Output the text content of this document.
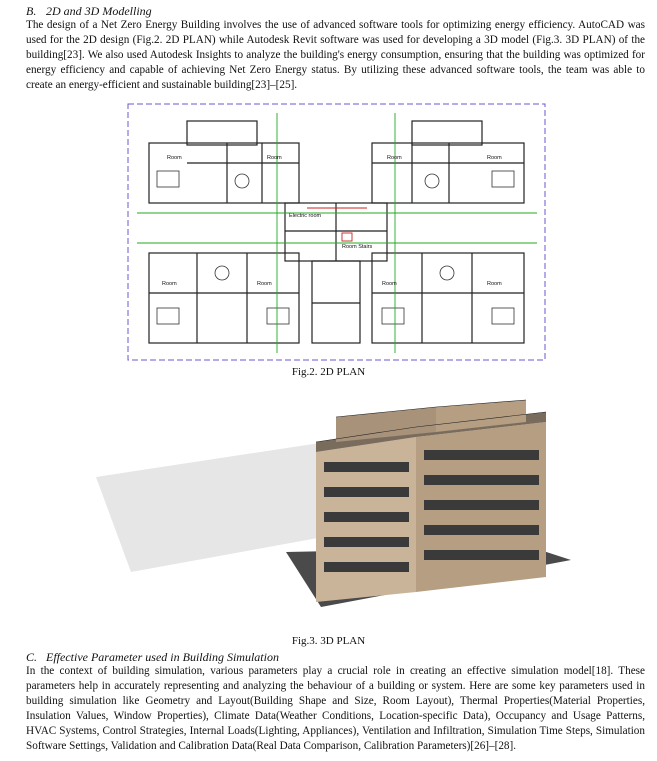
B. 2D and 3D Modelling
The design of a Net Zero Energy Building involves the use of advanced software tools for optimizing energy efficiency. AutoCAD was used for the 2D design (Fig.2. 2D PLAN) while Autodesk Revit software was used for developing a 3D model (Fig.3. 3D PLAN) of the building[23]. We also used Autodesk Insights to analyze the building's energy consumption, ensuring that the building was optimized for energy efficiency and capable of achieving Net Zero Energy status. By utilizing these advanced software tools, the team was able to create an energy-efficient and sustainable building[23]–[25].
Room	Room	Room	Room
Room	Room	Room	Room
Electric room
Room Stairs
Fig.2. 2D PLAN
Fig.3. 3D PLAN
C. Effective Parameter used in Building Simulation
In the context of building simulation, various parameters play a crucial role in creating an effective simulation model[18]. These parameters help in accurately representing and analyzing the behaviour of a building or system. Here are some key parameters used in building simulation like Geometry and Layout(Building Shape and Size, Room Layout), Thermal Properties(Material Properties, Insulation Values, Window Properties), Climate Data(Weather Conditions, Location-specific Data), Occupancy and Usage Patterns, HVAC Systems, Control Strategies, Internal Loads(Lighting, Appliances), Ventilation and Infiltration, Simulation Time Steps, Simulation Software Settings, Validation and Calibration Data(Real Data Comparison, Calibration Parameters)[26]–[28].
